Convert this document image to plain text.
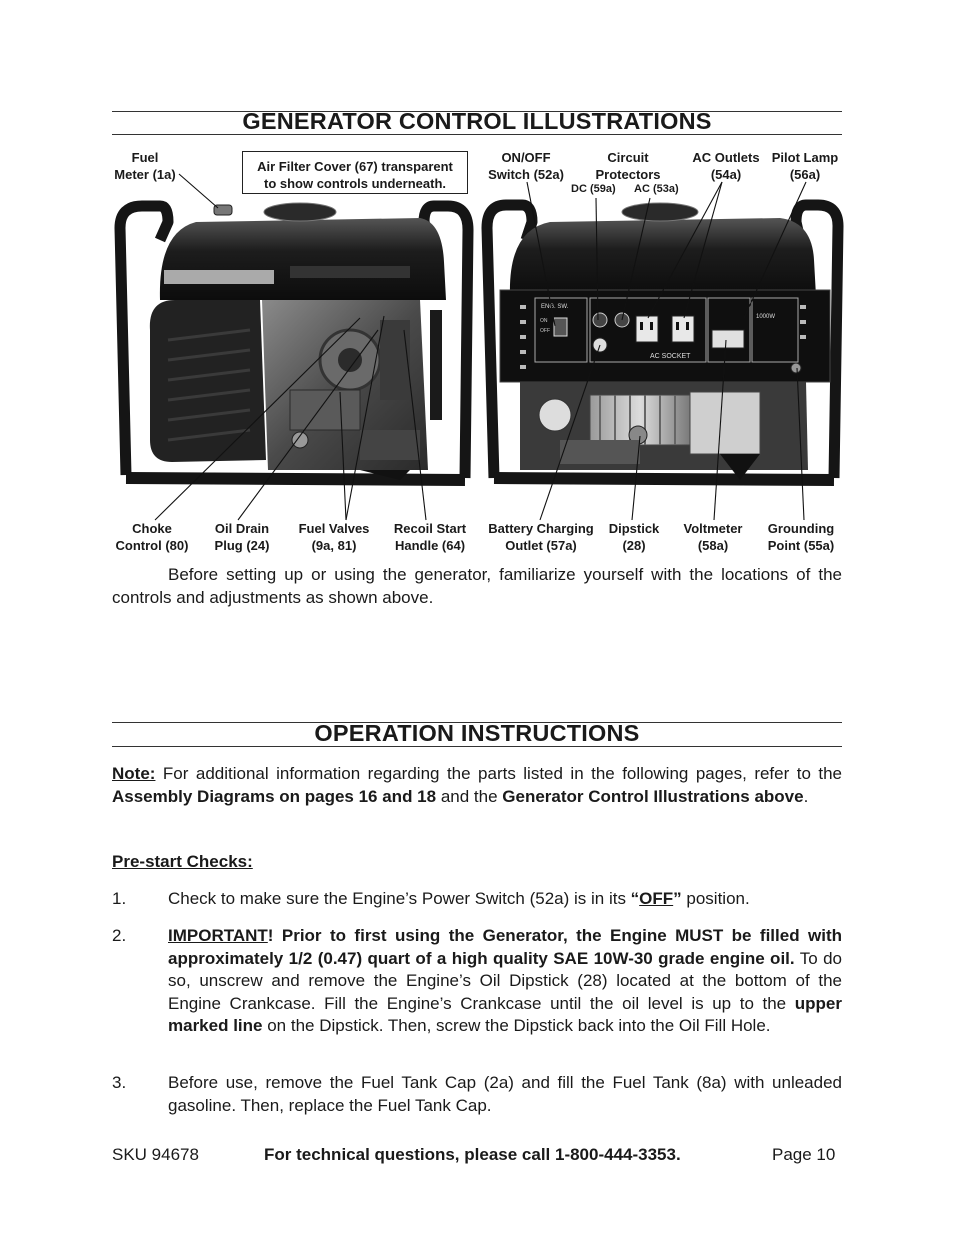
GENERATOR CONTROL ILLUSTRATIONS
Fuel
Meter (1a)
Air Filter Cover (67) transparent
to show controls underneath.
ON/OFF
Switch (52a)
Circuit
Protectors
DC (59a) AC (53a)
AC Outlets
(54a)
Pilot Lamp
(56a)
ENG. SW.
ON
OFF
AC SOCKET
1000W
Choke
Control (80)
Oil Drain
Plug (24)
Fuel Valves
(9a, 81)
Recoil Start
Handle (64)
Battery Charging
Outlet (57a)
Dipstick
(28)
Voltmeter
(58a)
Grounding
Point (55a)
Before setting up or using the generator, familiarize yourself with the locations of the controls and adjustments as shown above.
OPERATION INSTRUCTIONS
Note: For additional information regarding the parts listed in the following pages, refer to the Assembly Diagrams on pages 16 and 18 and the Generator Control Illustrations above.
Pre-start Checks:
1. Check to make sure the Engine’s Power Switch (52a) is in its “OFF” position.
2. IMPORTANT! Prior to first using the Generator, the Engine MUST be filled with approximately 1/2 (0.47) quart of a high quality SAE 10W-30 grade engine oil. To do so, unscrew and remove the Engine’s Oil Dipstick (28) located at the bottom of the Engine Crankcase. Fill the Engine’s Crankcase until the oil level is up to the upper marked line on the Dipstick. Then, screw the Dipstick back into the Oil Fill Hole.
3. Before use, remove the Fuel Tank Cap (2a) and fill the Fuel Tank (8a) with unleaded gasoline. Then, replace the Fuel Tank Cap.
SKU 94678	For technical questions, please call 1-800-444-3353.	Page 10
